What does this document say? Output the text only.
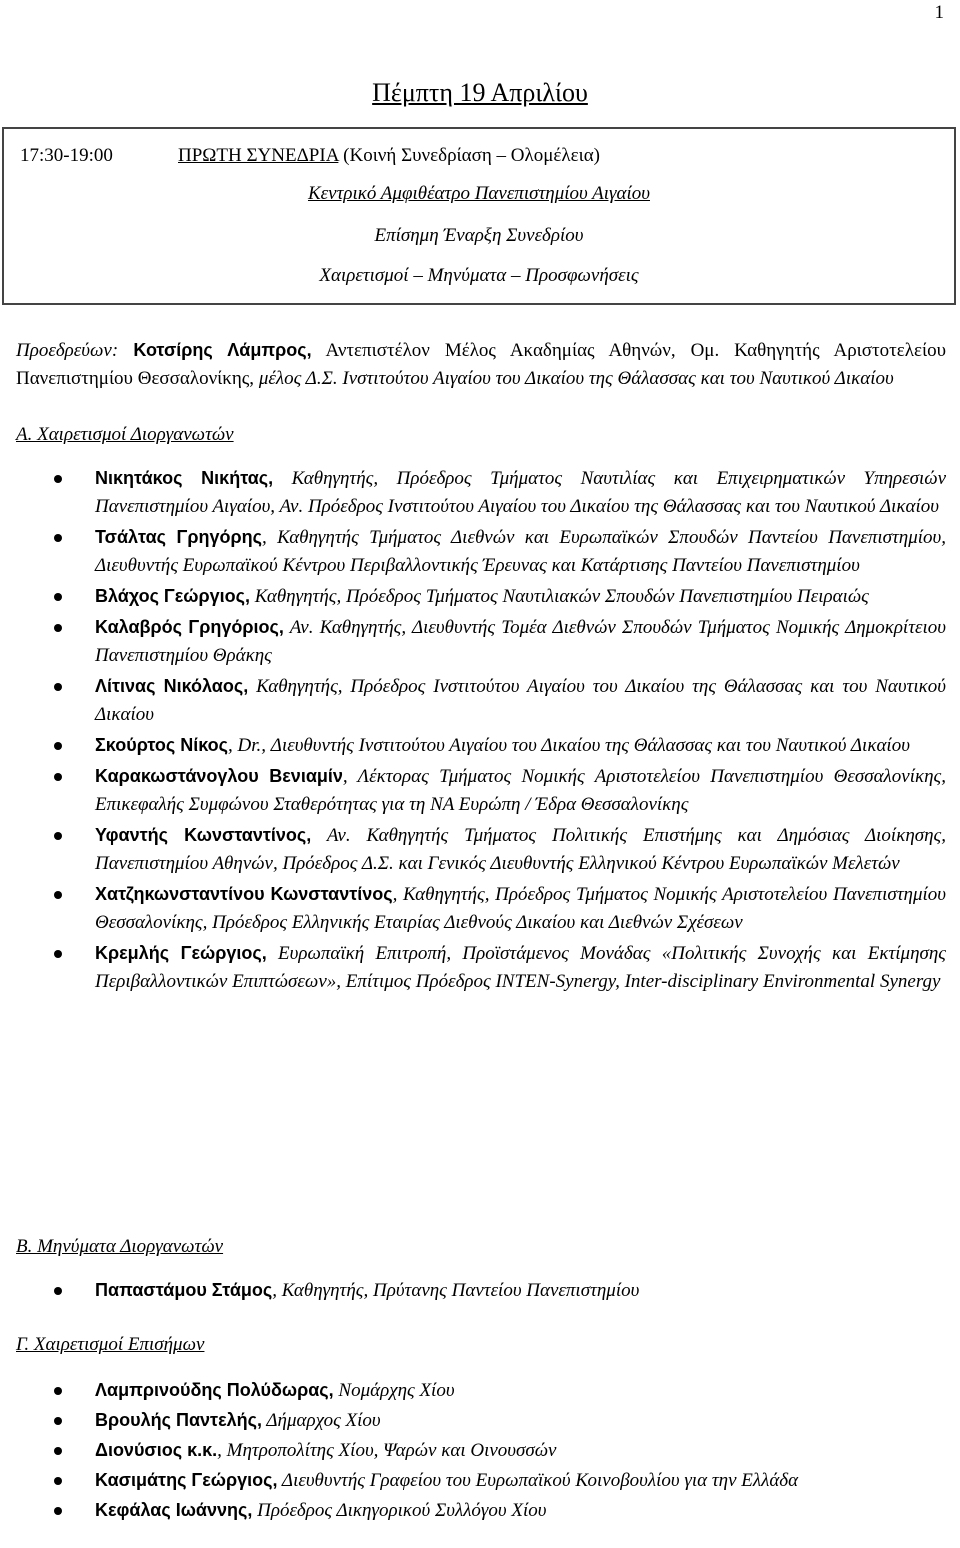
1
Πέμπτη 19 Απριλίου
17:30-19:00	ΠΡΩΤΗ ΣΥΝΕΔΡΙΑ (Κοινή Συνεδρίαση – Ολομέλεια)
Κεντρικό Αμφιθέατρο Πανεπιστημίου Αιγαίου
Επίσημη Έναρξη Συνεδρίου
Χαιρετισμοί – Μηνύματα – Προσφωνήσεις
Προεδρεύων: Κοτσίρης Λάμπρος, Αντεπιστέλον Μέλος Ακαδημίας Αθηνών, Ομ. Καθηγητής Αριστοτελείου Πανεπιστημίου Θεσσαλονίκης, μέλος Δ.Σ. Ινστιτούτου Αιγαίου του Δικαίου της Θάλασσας και του Ναυτικού Δικαίου
Α. Χαιρετισμοί Διοργανωτών
Νικητάκος Νικήτας, Καθηγητής, Πρόεδρος Τμήματος Ναυτιλίας και Επιχειρηματικών Υπηρεσιών Πανεπιστημίου Αιγαίου, Αν. Πρόεδρος Ινστιτούτου Αιγαίου του Δικαίου της Θάλασσας και του Ναυτικού Δικαίου
Τσάλτας Γρηγόρης, Καθηγητής Τμήματος Διεθνών και Ευρωπαϊκών Σπουδών Παντείου Πανεπιστημίου, Διευθυντής Ευρωπαϊκού Κέντρου Περιβαλλοντικής Έρευνας και Κατάρτισης Παντείου Πανεπιστημίου
Βλάχος Γεώργιος, Καθηγητής, Πρόεδρος Τμήματος Ναυτιλιακών Σπουδών Πανεπιστημίου Πειραιώς
Καλαβρός Γρηγόριος, Αν. Καθηγητής, Διευθυντής Τομέα Διεθνών Σπουδών Τμήματος Νομικής Δημοκρίτειου Πανεπιστημίου Θράκης
Λίτινας Νικόλαος, Καθηγητής, Πρόεδρος Ινστιτούτου Αιγαίου του Δικαίου της Θάλασσας και του Ναυτικού Δικαίου
Σκούρτος Νίκος, Dr., Διευθυντής Ινστιτούτου Αιγαίου του Δικαίου της Θάλασσας και του Ναυτικού Δικαίου
Καρακωστάνογλου Βενιαμίν, Λέκτορας Τμήματος Νομικής Αριστοτελείου Πανεπιστημίου Θεσσαλονίκης, Επικεφαλής Συμφώνου Σταθερότητας για τη ΝΑ Ευρώπη / Έδρα Θεσσαλονίκης
Υφαντής Κωνσταντίνος, Αν. Καθηγητής Τμήματος Πολιτικής Επιστήμης και Δημόσιας Διοίκησης, Πανεπιστημίου Αθηνών, Πρόεδρος Δ.Σ. και Γενικός Διευθυντής Ελληνικού Κέντρου Ευρωπαϊκών Μελετών
Χατζηκωνσταντίνου Κωνσταντίνος, Καθηγητής, Πρόεδρος Τμήματος Νομικής Αριστοτελείου Πανεπιστημίου Θεσσαλονίκης, Πρόεδρος Ελληνικής Εταιρίας Διεθνούς Δικαίου και Διεθνών Σχέσεων
Κρεμλής Γεώργιος, Ευρωπαϊκή Επιτροπή, Προϊστάμενος Μονάδας «Πολιτικής Συνοχής και Εκτίμησης Περιβαλλοντικών Επιπτώσεων», Επίτιμος Πρόεδρος INTEN-Synergy, Inter-disciplinary Environmental Synergy
Β. Μηνύματα Διοργανωτών
Παπαστάμου Στάμος, Καθηγητής, Πρύτανης Παντείου Πανεπιστημίου
Γ. Χαιρετισμοί Επισήμων
Λαμπρινούδης Πολύδωρας, Νομάρχης Χίου
Βρουλής Παντελής, Δήμαρχος Χίου
Διονύσιος κ.κ., Μητροπολίτης Χίου, Ψαρών και Οινουσσών
Κασιμάτης Γεώργιος, Διευθυντής Γραφείου του Ευρωπαϊκού Κοινοβουλίου για την Ελλάδα
Κεφάλας Ιωάννης, Πρόεδρος Δικηγορικού Συλλόγου Χίου
